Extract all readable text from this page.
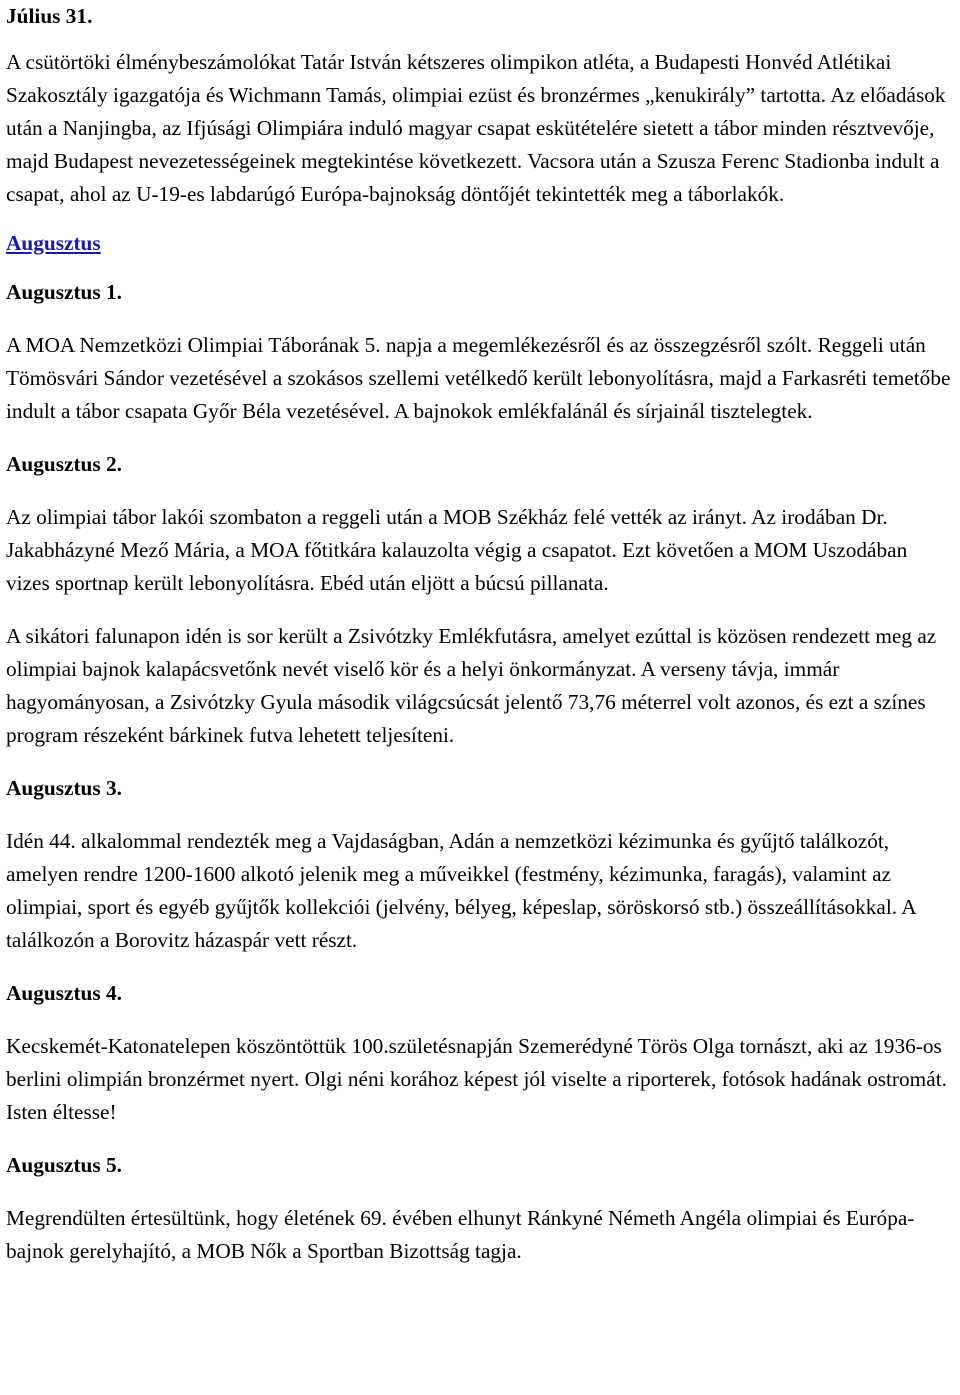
Július 31.

A csütörtöki élménybeszámolókat Tatár István kétszeres olimpikon atléta, a Budapesti Honvéd Atlétikai Szakosztály igazgatója és Wichmann Tamás, olimpiai ezüst és bronzérmes „kenukirály” tartotta. Az előadások után a Nanjingba, az Ifjúsági Olimpiára induló magyar csapat eskütételére sietett a tábor minden résztvevője, majd Budapest nevezetességeinek megtekintése következett. Vacsora után a Szusza Ferenc Stadionba indult a csapat, ahol az U-19-es labdarúgó Európa-bajnokság döntőjét tekintették meg a táborlakók.

Augusztus
Augusztus 1.

A MOA Nemzetközi Olimpiai Táborának 5. napja a megemlékezésről és az összegzésről szólt. Reggeli után Tömösvári Sándor vezetésével a szokásos szellemi vetélkedő került lebonyolításra, majd a Farkasréti temetőbe indult a tábor csapata Győr Béla vezetésével. A bajnokok emlékfalánál és sírjainál tisztelegtek.

Augusztus 2.

Az olimpiai tábor lakói szombaton a reggeli után a MOB Székház felé vették az irányt. Az irodában Dr. Jakabházyné Mező Mária, a MOA főtitkára kalauzolta végig a csapatot. Ezt követően a MOM Uszodában vizes sportnap került lebonyolításra. Ebéd után eljött a búcsú pillanata.

A sikátori falunapon idén is sor került a Zsivótzky Emlékfutásra, amelyet ezúttal is közösen rendezett meg az olimpiai bajnok kalapácsvetőnk nevét viselő kör és a helyi önkormányzat. A verseny távja, immár hagyományosan, a Zsivótzky Gyula második világcsúcsát jelentő 73,76 méterrel volt azonos, és ezt a színes program részeként bárkinek futva lehetett teljesíteni.

Augusztus 3.

Idén 44. alkalommal rendezték meg a Vajdaságban, Adán a nemzetközi kézimunka és gyűjtő találkozót, amelyen rendre 1200-1600 alkotó jelenik meg a műveikkel (festmény, kézimunka, faragás), valamint az olimpiai, sport és egyéb gyűjtők kollekciói (jelvény, bélyeg, képeslap, söröskorsó stb.) összeállításokkal. A találkozón a Borovitz házaspár vett részt.

Augusztus 4.

Kecskemét-Katonatelepen köszöntöttük 100.születésnapján Szemerédyné Törös Olga tornászt, aki az 1936-os berlini olimpián bronzérmet nyert. Olgi néni korához képest jól viselte a riporterek, fotósok hadának ostromát. Isten éltesse!

Augusztus 5.

Megrendülten értesültünk, hogy életének 69. évében elhunyt Ránkyné Németh Angéla olimpiai és Európa-bajnok gerelyhajító, a MOB Nők a Sportban Bizottság tagja.
